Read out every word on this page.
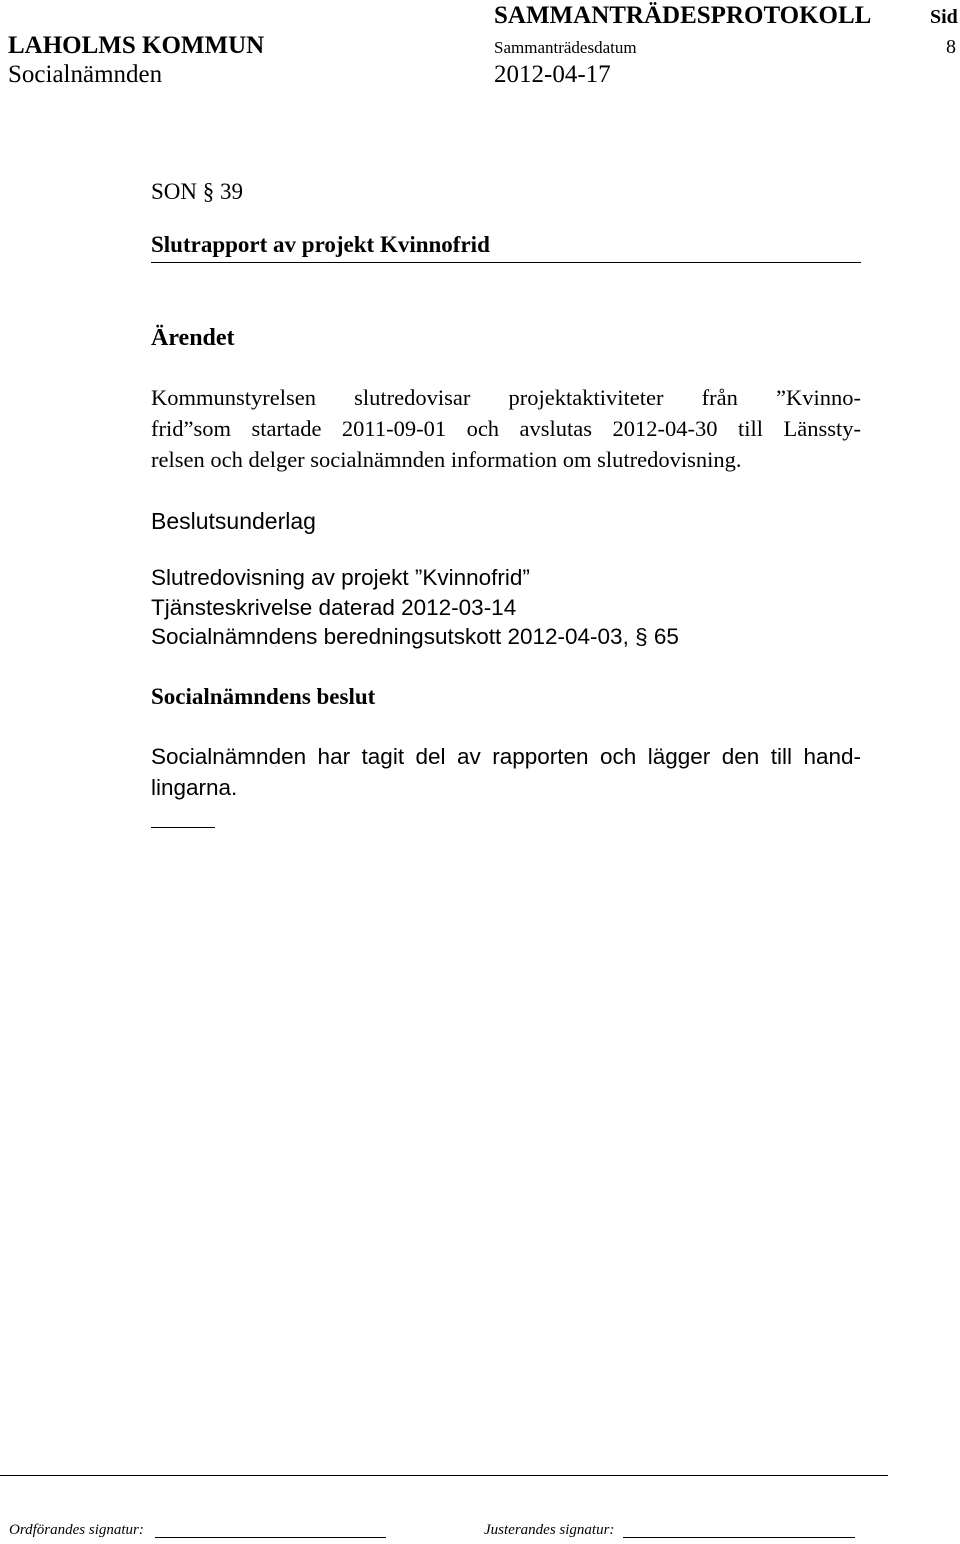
SAMMANTRÄDESPROTOKOLL	Sid
LAHOLMS KOMMUN	Sammanträdesdatum	8
Socialnämnden	2012-04-17
SON § 39
Slutrapport av projekt Kvinnofrid
Ärendet
Kommunstyrelsen slutredovisar projektaktiviteter från ”Kvinno-
frid”som startade 2011-09-01 och avslutas 2012-04-30 till Länssty-
relsen och delger socialnämnden information om slutredovisning.
Beslutsunderlag
Slutredovisning av projekt ”Kvinnofrid”
Tjänsteskrivelse daterad 2012-03-14
Socialnämndens beredningsutskott 2012-04-03, § 65
Socialnämndens beslut
Socialnämnden har tagit del av rapporten och lägger den till hand-
lingarna.
Ordförandes signatur:	Justerandes signatur:
